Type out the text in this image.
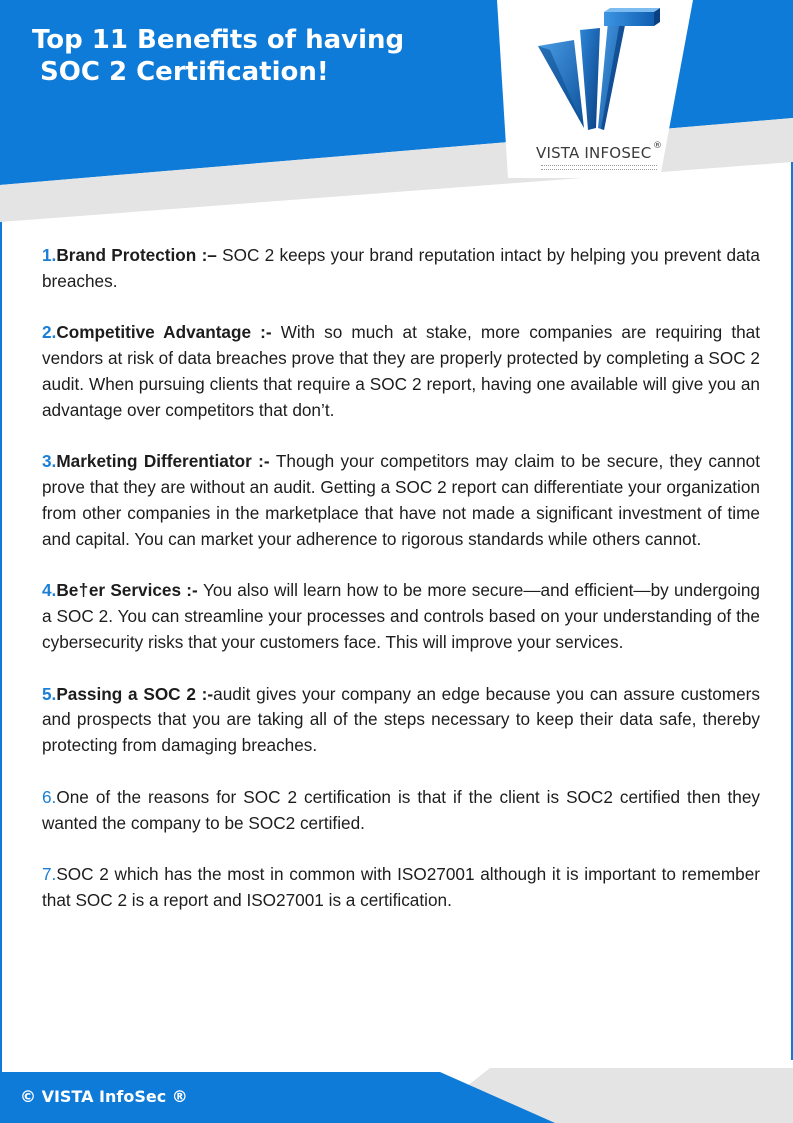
Top 11 Benefits of having
SOC 2 Certification!
VISTA INFOSEC ®

1.Brand Protection :– SOC 2 keeps your brand reputation intact by helping you prevent data breaches.

2.Competitive Advantage :- With so much at stake, more companies are requiring that vendors at risk of data breaches prove that they are properly protected by completing a SOC 2 audit. When pursuing clients that require a SOC 2 report, having one available will give you an advantage over competitors that don’t.

3.Marketing Differentiator :- Though your competitors may claim to be secure, they cannot prove that they are without an audit. Getting a SOC 2 report can differentiate your organization from other companies in the marketplace that have not made a significant investment of time and capital. You can market your adherence to rigorous standards while others cannot.

4.Be†er Services :- You also will learn how to be more secure—and efficient—by undergoing a SOC 2. You can streamline your processes and controls based on your understanding of the cybersecurity risks that your customers face. This will improve your services.

5.Passing a SOC 2 :-audit gives your company an edge because you can assure customers and prospects that you are taking all of the steps necessary to keep their data safe, thereby protecting from damaging breaches.

6.One of the reasons for SOC 2 certification is that if the client is SOC2 certified then they wanted the company to be SOC2 certified.

7.SOC 2 which has the most in common with ISO27001 although it is important to remember that SOC 2 is a report and ISO27001 is a certification.

© VISTA InfoSec ®
